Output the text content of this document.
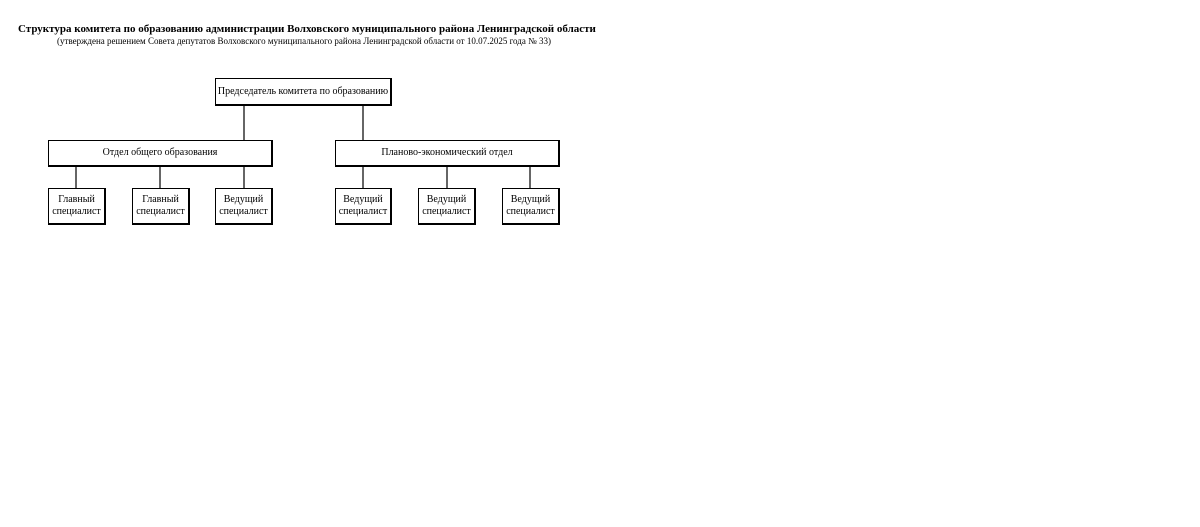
Структура комитета по образованию администрации Волховского муниципального района Ленинградской области
(утверждена решением Совета депутатов Волховского муниципального района Ленинградской области от 10.07.2025 года № 33)
Председатель комитета по образованию
Отдел общего образования	Планово-экономический отдел
Главный специалист
Главный специалист
Ведущий специалист
Ведущий специалист
Ведущий специалист
Ведущий специалист
